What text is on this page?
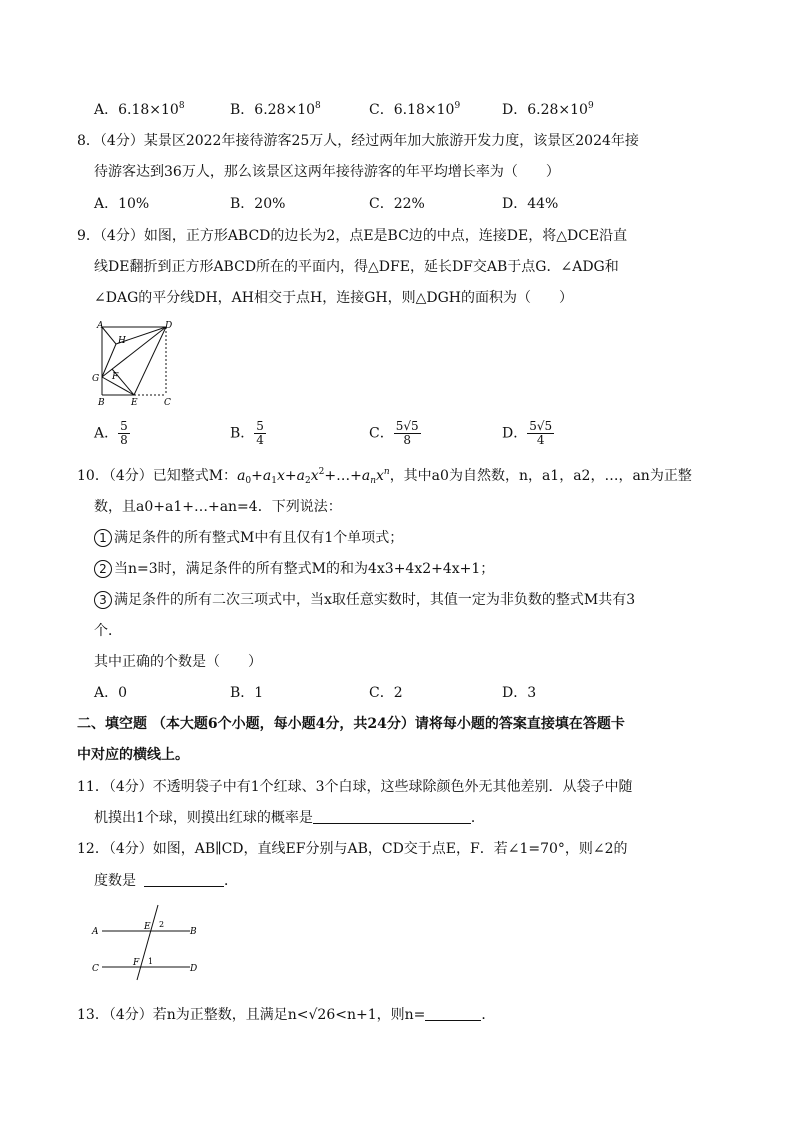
A．$6.18\times 10^8$	B．$6.28\times 10^8$	C．$6.18\times 10^9$	D．$6.28\times 10^9$
8．（4分）某景区2022年接待游客25万人，经过两年加大旅游开发力度，该景区2024年接
待游客达到36万人，那么该景区这两年接待游客的年平均增长率为（　　）
A．10%	B．20%	C．22%	D．44%
9．（4分）如图，正方形ABCD的边长为2，点E是BC边的中点，连接DE，将△DCE沿直
线DE翻折到正方形ABCD所在的平面内，得△DFE，延长DF交AB于点G．∠ADG和
∠DAG的平分线DH，AH相交于点H，连接GH，则△DGH的面积为（　　）
A	D
H
G F
B	E	C
A． $\frac{5}{8}$	B． $\frac{5}{4}$	C． $\frac{5√5}{8}$	D． $\frac{5√5}{4}$
10．（4分）已知整式M：$a_0+a_1x+a_2x^2+\dots+a_nx^n$，其中a0为自然数，n，a1，a2，…，an为正整
数，且a0+a1+…+an=4．下列说法：
1 满足条件的所有整式M中有且仅有1个单项式；
2 当n=3时，满足条件的所有整式M的和为4x3+4x2+4x+1；
3 满足条件的所有二次三项式中，当x取任意实数时，其值一定为非负数的整式M共有3
个．
其中正确的个数是（　　）
A．0	B．1	C．2	D．3
二、填空题 （本大题6个小题，每小题4分，共24分）请将每小题的答案直接填在答题卡
中对应的横线上。
11．（4分）不透明袋子中有1个红球、3个白球，这些球除颜色外无其他差别．从袋子中随
机摸出1个球，则摸出红球的概率是	．
12．（4分）如图，AB∥CD，直线EF分别与AB，CD交于点E，F．若∠1=70°，则∠2的
度数是	．
A	B
C	D
E
F
2
1
13．（4分）若n为正整数，且满足n<√26<n+1，则n=	．
